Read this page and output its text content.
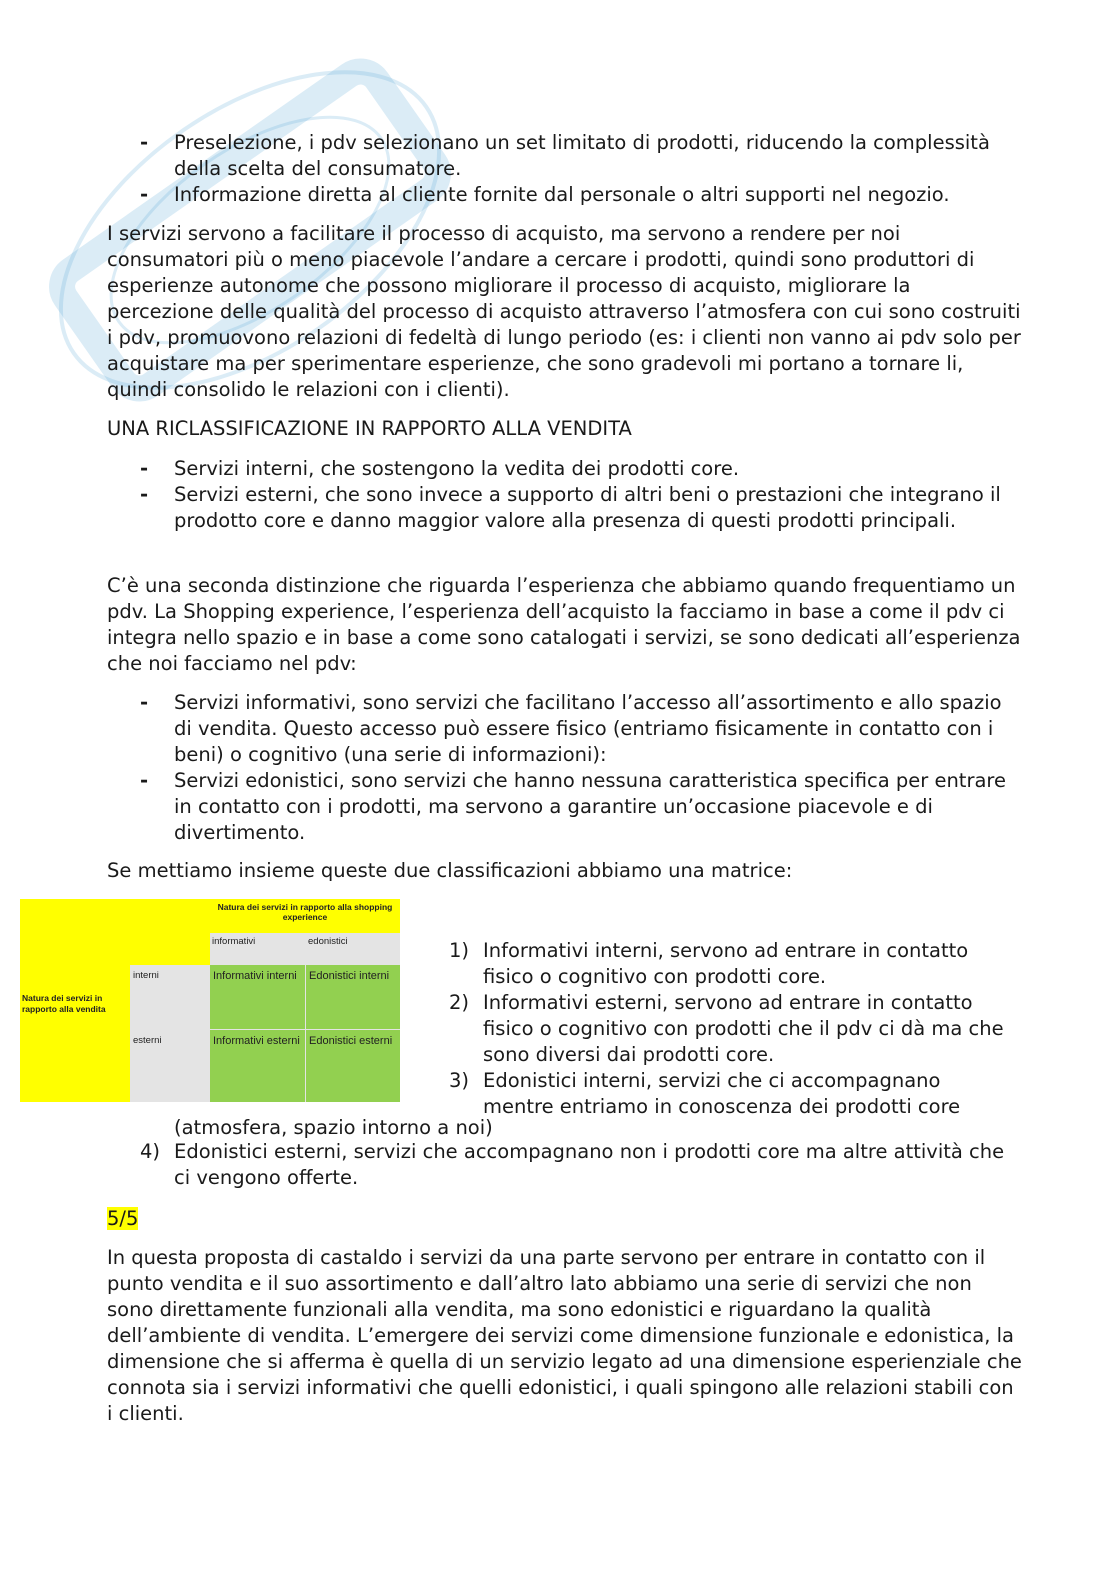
- Preselezione, i pdv selezionano un set limitato di prodotti, riducendo la complessità della scelta del consumatore.
- Informazione diretta al cliente fornite dal personale o altri supporti nel negozio.

I servizi servono a facilitare il processo di acquisto, ma servono a rendere per noi consumatori più o meno piacevole l’andare a cercare i prodotti, quindi sono produttori di esperienze autonome che possono migliorare il processo di acquisto, migliorare la percezione delle qualità del processo di acquisto attraverso l’atmosfera con cui sono costruiti i pdv, promuovono relazioni di fedeltà di lungo periodo (es: i clienti non vanno ai pdv solo per acquistare ma per sperimentare esperienze, che sono gradevoli mi portano a tornare li, quindi consolido le relazioni con i clienti).

UNA RICLASSIFICAZIONE IN RAPPORTO ALLA VENDITA

- Servizi interni, che sostengono la vedita dei prodotti core.
- Servizi esterni, che sono invece a supporto di altri beni o prestazioni che integrano il prodotto core e danno maggior valore alla presenza di questi prodotti principali.

C’è una seconda distinzione che riguarda l’esperienza che abbiamo quando frequentiamo un pdv. La Shopping experience, l’esperienza dell’acquisto la facciamo in base a come il pdv ci integra nello spazio e in base a come sono catalogati i servizi, se sono dedicati all’esperienza che noi facciamo nel pdv:

- Servizi informativi, sono servizi che facilitano l’accesso all’assortimento e allo spazio di vendita. Questo accesso può essere fisico (entriamo fisicamente in contatto con i beni) o cognitivo (una serie di informazioni):
- Servizi edonistici, sono servizi che hanno nessuna caratteristica specifica per entrare in contatto con i prodotti, ma servono a garantire un’occasione piacevole e di divertimento.

Se mettiamo insieme queste due classificazioni abbiamo una matrice:

Natura dei servizi in rapporto alla shopping experience
Natura dei servizi in rapporto alla vendita
informativi	edonistici
interni
esterni
Informativi interni	Edonistici interni
Informativi esterni Edonistici esterni
1) Informativi interni, servono ad entrare in contatto fisico o cognitivo con prodotti core.
2) Informativi esterni, servono ad entrare in contatto fisico o cognitivo con prodotti che il pdv ci dà ma che sono diversi dai prodotti core.
3) Edonistici interni, servizi che ci accompagnano mentre entriamo in conoscenza dei prodotti core
(atmosfera, spazio intorno a noi)
4) Edonistici esterni, servizi che accompagnano non i prodotti core ma altre attività che ci vengono offerte.

5/5

In questa proposta di castaldo i servizi da una parte servono per entrare in contatto con il punto vendita e il suo assortimento e dall’altro lato abbiamo una serie di servizi che non sono direttamente funzionali alla vendita, ma sono edonistici e riguardano la qualità dell’ambiente di vendita. L’emergere dei servizi come dimensione funzionale e edonistica, la dimensione che si afferma è quella di un servizio legato ad una dimensione esperienziale che connota sia i servizi informativi che quelli edonistici, i quali spingono alle relazioni stabili con i clienti.
